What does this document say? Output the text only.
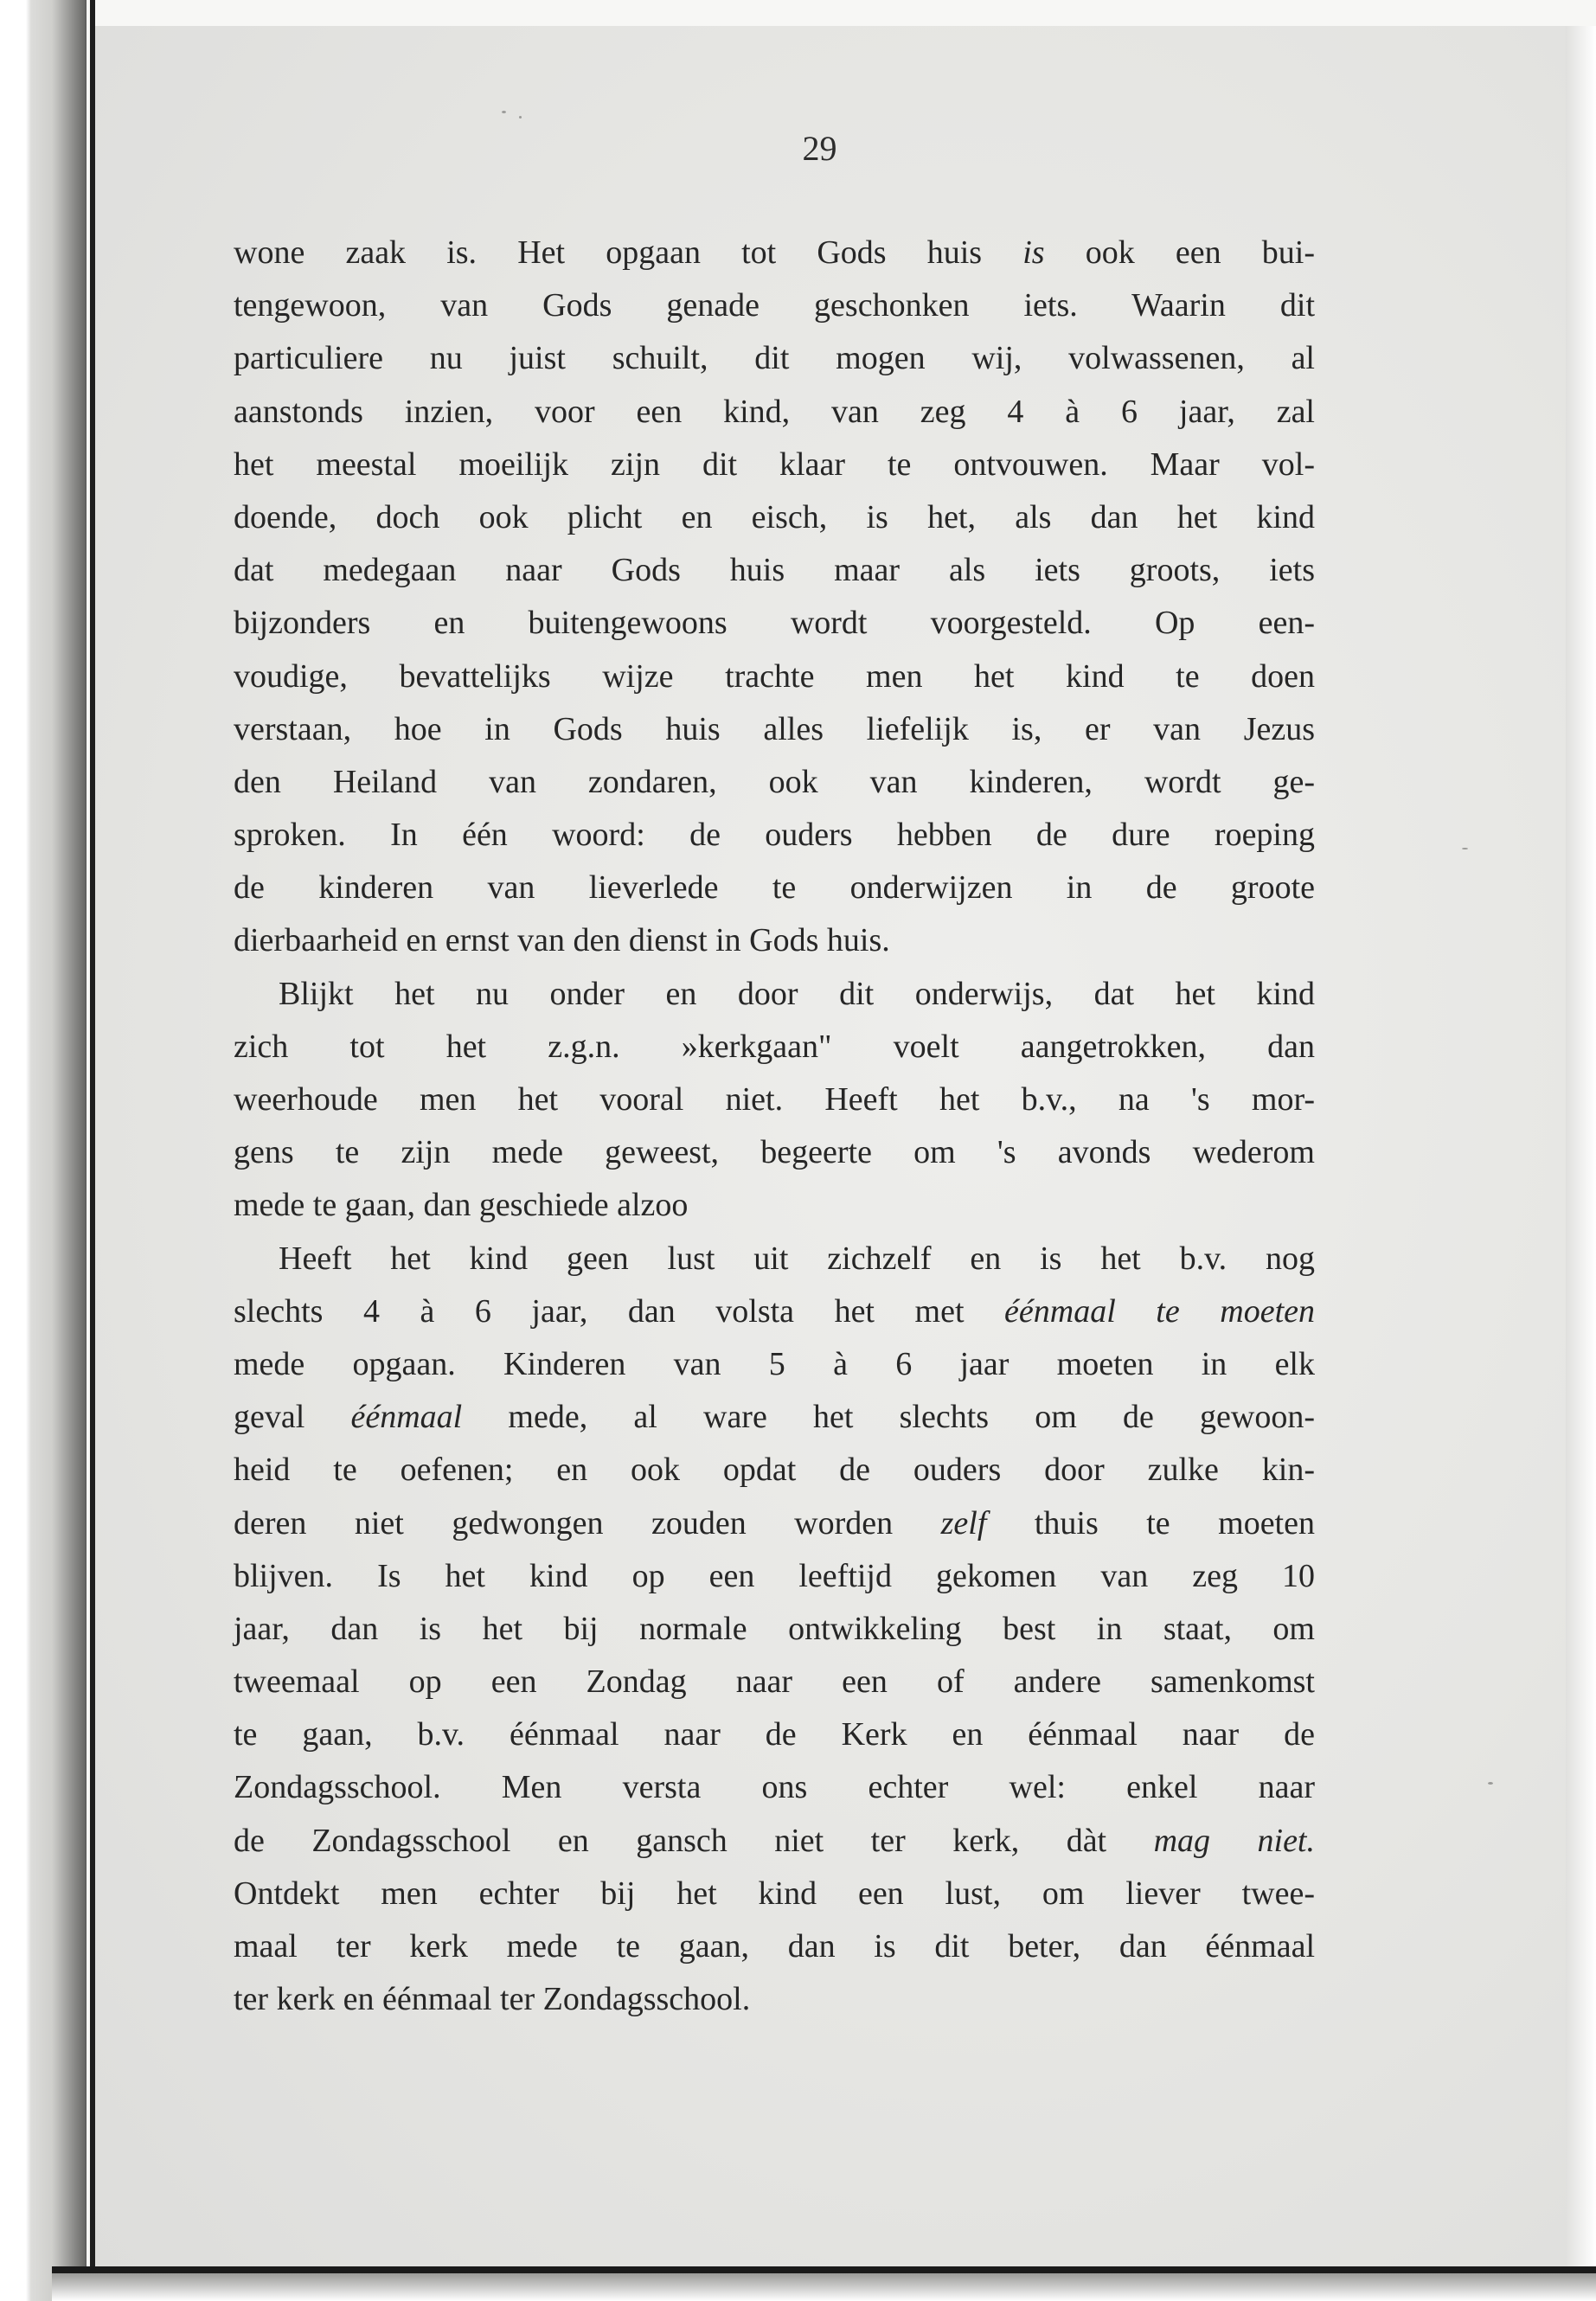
29
wone zaak is. Het opgaan tot Gods huis is ook een bui-
tengewoon, van Gods genade geschonken iets. Waarin dit
particuliere nu juist schuilt, dit mogen wij, volwassenen, al
aanstonds inzien, voor een kind, van zeg 4 à 6 jaar, zal
het meestal moeilijk zijn dit klaar te ontvouwen. Maar vol-
doende, doch ook plicht en eisch, is het, als dan het kind
dat medegaan naar Gods huis maar als iets groots, iets
bijzonders en buitengewoons wordt voorgesteld. Op een-
voudige, bevattelijks wijze trachte men het kind te doen
verstaan, hoe in Gods huis alles liefelijk is, er van Jezus
den Heiland van zondaren, ook van kinderen, wordt ge-
sproken. In één woord: de ouders hebben de dure roeping
de kinderen van lieverlede te onderwijzen in de groote
dierbaarheid en ernst van den dienst in Gods huis.
Blijkt het nu onder en door dit onderwijs, dat het kind
zich tot het z.g.n. »kerkgaan" voelt aangetrokken, dan
weerhoude men het vooral niet. Heeft het b.v., na 's mor-
gens te zijn mede geweest, begeerte om 's avonds wederom
mede te gaan, dan geschiede alzoo
Heeft het kind geen lust uit zichzelf en is het b.v. nog
slechts 4 à 6 jaar, dan volsta het met éénmaal te moeten
mede opgaan. Kinderen van 5 à 6 jaar moeten in elk
geval éénmaal mede, al ware het slechts om de gewoon-
heid te oefenen; en ook opdat de ouders door zulke kin-
deren niet gedwongen zouden worden zelf thuis te moeten
blijven. Is het kind op een leeftijd gekomen van zeg 10
jaar, dan is het bij normale ontwikkeling best in staat, om
tweemaal op een Zondag naar een of andere samenkomst
te gaan, b.v. éénmaal naar de Kerk en éénmaal naar de
Zondagsschool. Men versta ons echter wel: enkel naar
de Zondagsschool en gansch niet ter kerk, dàt mag niet.
Ontdekt men echter bij het kind een lust, om liever twee-
maal ter kerk mede te gaan, dan is dit beter, dan éénmaal
ter kerk en éénmaal ter Zondagsschool.
